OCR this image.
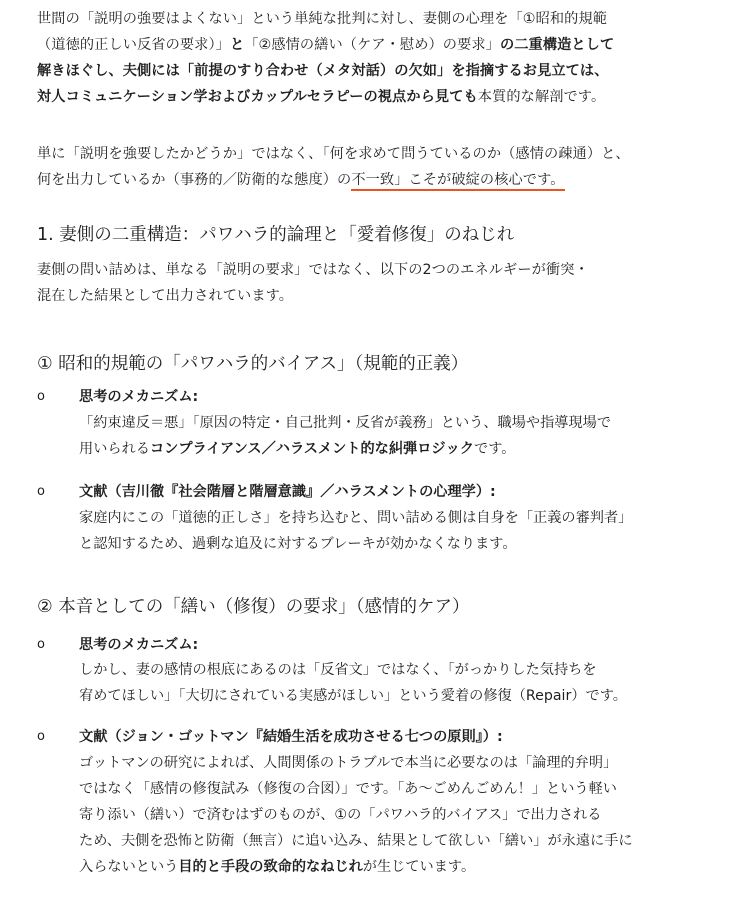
世間の「説明の強要はよくない」という単純な批判に対し、妻側の心理を「①昭和的規範
（道徳的正しい反省の要求）」と「②感情の繕い（ケア・慰め）の要求」の二重構造として
解きほぐし、夫側には「前提のすり合わせ（メタ対話）の欠如」を指摘するお見立ては、
対人コミュニケーション学およびカップルセラピーの視点から見ても本質的な解剖です。
単に「説明を強要したかどうか」ではなく、「何を求めて問うているのか（感情の疎通）と、
何を出力しているか（事務的／防衛的な態度）の不一致」こそが破綻の核心です。
1. 妻側の二重構造：パワハラ的論理と「愛着修復」のねじれ
妻側の問い詰めは、単なる「説明の要求」ではなく、以下の2つのエネルギーが衝突・
混在した結果として出力されています。
① 昭和的規範の「パワハラ的バイアス」（規範的正義）
o 思考のメカニズム:
「約束違反＝悪」「原因の特定・自己批判・反省が義務」という、職場や指導現場で
用いられるコンプライアンス／ハラスメント的な糾弾ロジックです。
o 文献（吉川徹『社会階層と階層意識』／ハラスメントの心理学）:
家庭内にこの「道徳的正しさ」を持ち込むと、問い詰める側は自身を「正義の審判者」
と認知するため、過剰な追及に対するブレーキが効かなくなります。
② 本音としての「繕い（修復）の要求」（感情的ケア）
o 思考のメカニズム:
しかし、妻の感情の根底にあるのは「反省文」ではなく、「がっかりした気持ちを
宥めてほしい」「大切にされている実感がほしい」という愛着の修復（Repair）です。
o 文献（ジョン・ゴットマン『結婚生活を成功させる七つの原則』）:
ゴットマンの研究によれば、人間関係のトラブルで本当に必要なのは「論理的弁明」
ではなく「感情の修復試み（修復の合図）」です。「あ〜ごめんごめん！」という軽い
寄り添い（繕い）で済むはずのものが、①の「パワハラ的バイアス」で出力される
ため、夫側を恐怖と防衛（無言）に追い込み、結果として欲しい「繕い」が永遠に手に
入らないという目的と手段の致命的なねじれが生じています。
